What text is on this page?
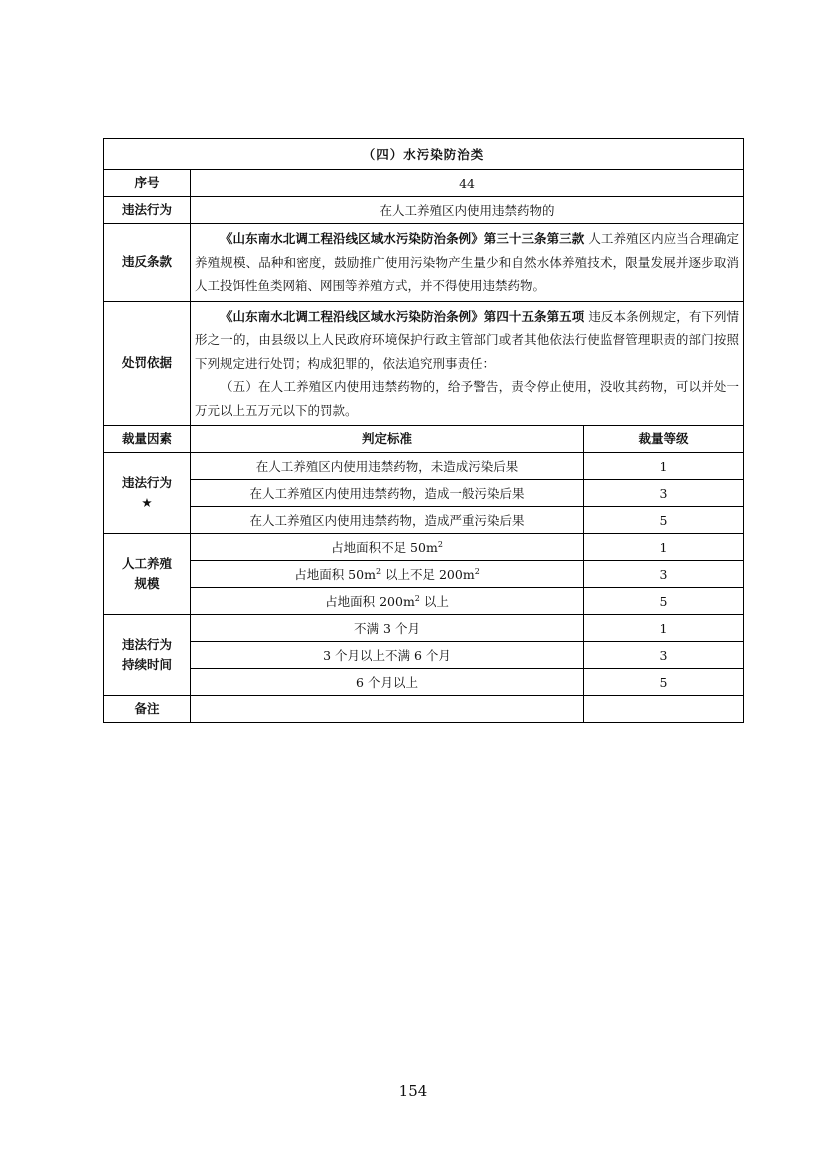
（四）水污染防治类		
序号	44	
违法行为	在人工养殖区内使用违禁药物的	
违反条款	《山东南水北调工程沿线区域水污染防治条例》第三十三条第三款 人工养殖区内应当合理确定养殖规模、品种和密度，鼓励推广使用污染物产生量少和自然水体养殖技术，限量发展并逐步取消人工投饵性鱼类网箱、网围等养殖方式，并不得使用违禁药物。	

处罚依据	《山东南水北调工程沿线区域水污染防治条例》第四十五条第五项 违反本条例规定，有下列情形之一的，由县级以上人民政府环境保护行政主管部门或者其他依法行使监督管理职责的部门按照下列规定进行处罚；构成犯罪的，依法追究刑事责任：
（五）在人工养殖区内使用违禁药物的，给予警告，责令停止使用，没收其药物，可以并处一万元以上五万元以下的罚款。	

裁量因素	判定标准	裁量等级
违法行为
★	在人工养殖区内使用违禁药物，未造成污染后果	1
	在人工养殖区内使用违禁药物，造成一般污染后果	3
	在人工养殖区内使用违禁药物，造成严重污染后果	5
人工养殖
规模	占地面积不足 $50m^2$	1
	占地面积 $50m^2$ 以上不足 $200m^2$	3
	占地面积 $200m^2$ 以上	5
违法行为
持续时间	不满 3 个月	1
	3 个月以上不满 6 个月	3
	6 个月以上	5
备注		
154
